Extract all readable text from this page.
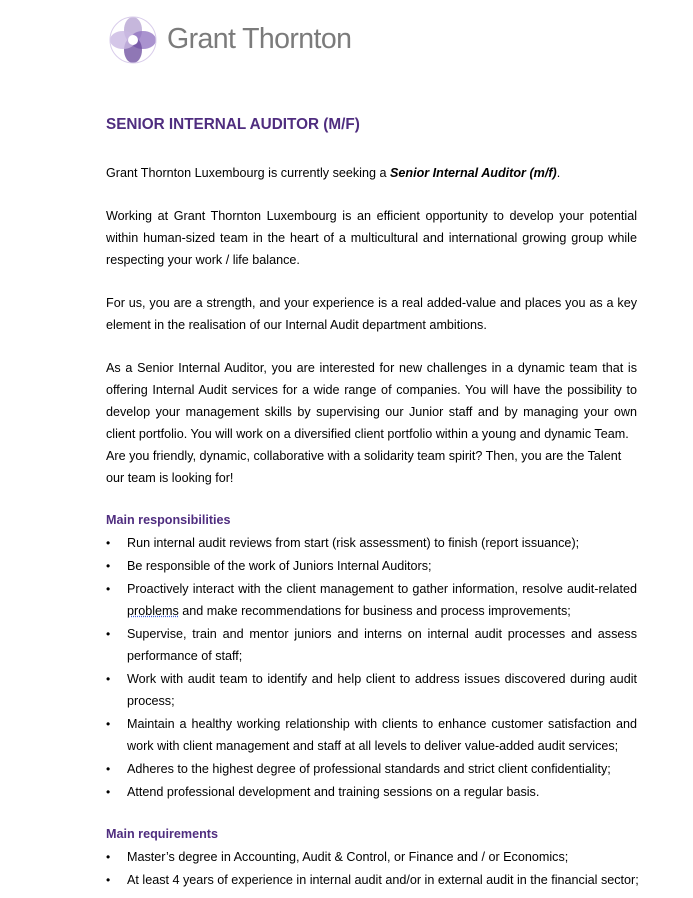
Grant Thornton
SENIOR INTERNAL AUDITOR (M/F)

Grant Thornton Luxembourg is currently seeking a Senior Internal Auditor (m/f).

Working at Grant Thornton Luxembourg is an efficient opportunity to develop your potential within human-sized team in the heart of a multicultural and international growing group while respecting your work / life balance.

For us, you are a strength, and your experience is a real added-value and places you as a key element in the realisation of our Internal Audit department ambitions.

As a Senior Internal Auditor, you are interested for new challenges in a dynamic team that is offering Internal Audit services for a wide range of companies. You will have the possibility to develop your management skills by supervising our Junior staff and by managing your own client portfolio. You will work on a diversified client portfolio within a young and dynamic Team.

Are you friendly, dynamic, collaborative with a solidarity team spirit? Then, you are the Talent our team is looking for!

Main responsibilities
• Run internal audit reviews from start (risk assessment) to finish (report issuance);
• Be responsible of the work of Juniors Internal Auditors;
• Proactively interact with the client management to gather information, resolve audit-related problems and make recommendations for business and process improvements;
• Supervise, train and mentor juniors and interns on internal audit processes and assess performance of staff;
• Work with audit team to identify and help client to address issues discovered during audit process;
• Maintain a healthy working relationship with clients to enhance customer satisfaction and work with client management and staff at all levels to deliver value-added audit services;
• Adheres to the highest degree of professional standards and strict client confidentiality;
• Attend professional development and training sessions on a regular basis.
Main requirements
• Master’s degree in Accounting, Audit & Control, or Finance and / or Economics;
• At least 4 years of experience in internal audit and/or in external audit in the financial sector;
